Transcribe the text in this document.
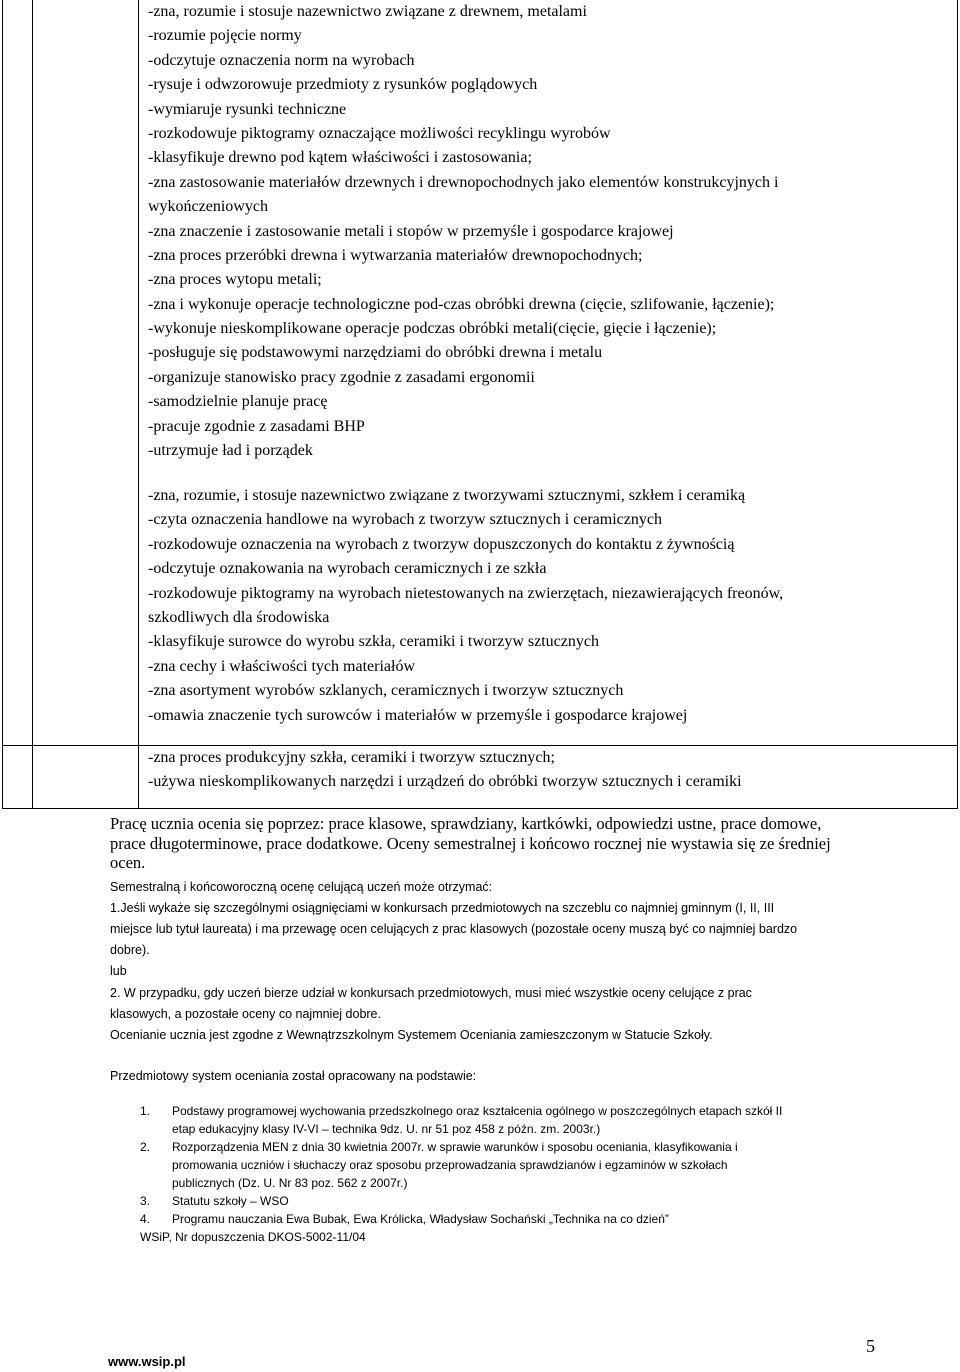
-zna, rozumie i stosuje nazewnictwo związane z drewnem, metalami
-rozumie pojęcie normy
-odczytuje oznaczenia norm na wyrobach
-rysuje i odwzorowuje przedmioty z rysunków poglądowych
-wymiaruje rysunki techniczne
-rozkodowuje piktogramy oznaczające możliwości recyklingu wyrobów
-klasyfikuje drewno pod kątem właściwości i zastosowania;
-zna zastosowanie materiałów drzewnych i drewnopochodnych jako elementów konstrukcyjnych i
wykończeniowych
-zna znaczenie i zastosowanie metali i stopów w przemyśle i gospodarce krajowej
-zna proces przeróbki drewna i wytwarzania materiałów drewnopochodnych;
-zna proces wytopu metali;
-zna i wykonuje operacje technologiczne pod-czas obróbki drewna (cięcie, szlifowanie, łączenie);
-wykonuje nieskomplikowane operacje podczas obróbki metali(cięcie, gięcie i łączenie);
-posługuje się podstawowymi narzędziami do obróbki drewna i metalu
-organizuje stanowisko pracy zgodnie z zasadami ergonomii
-samodzielnie planuje pracę
-pracuje zgodnie z zasadami BHP
-utrzymuje ład i porządek
-zna, rozumie, i stosuje nazewnictwo związane z tworzywami sztucznymi, szkłem i ceramiką
-czyta oznaczenia handlowe na wyrobach z tworzyw sztucznych i ceramicznych
-rozkodowuje oznaczenia na wyrobach z tworzyw dopuszczonych do kontaktu z żywnością
-odczytuje oznakowania na wyrobach ceramicznych i ze szkła
-rozkodowuje piktogramy na wyrobach nietestowanych na zwierzętach, niezawierających freonów,
szkodliwych dla środowiska
-klasyfikuje surowce do wyrobu szkła, ceramiki i tworzyw sztucznych
-zna cechy i właściwości tych materiałów
-zna asortyment wyrobów szklanych, ceramicznych i tworzyw sztucznych
-omawia znaczenie tych surowców i materiałów w przemyśle i gospodarce krajowej
-zna proces produkcyjny szkła, ceramiki i tworzyw sztucznych;
-używa nieskomplikowanych narzędzi i urządzeń do obróbki tworzyw sztucznych i ceramiki
Pracę ucznia ocenia się poprzez: prace klasowe, sprawdziany, kartkówki, odpowiedzi ustne, prace domowe, prace długoterminowe, prace dodatkowe. Oceny semestralnej i końcowo rocznej nie wystawia się ze średniej ocen.
Semestralną i końcoworoczną ocenę celującą uczeń może otrzymać:
1.Jeśli wykaże się szczególnymi osiągnięciami w konkursach przedmiotowych na szczeblu co najmniej gminnym (I, II, III
miejsce lub tytuł laureata) i ma przewagę ocen celujących z prac klasowych (pozostałe oceny muszą być co najmniej bardzo
dobre).
lub
2. W przypadku, gdy uczeń bierze udział w konkursach przedmiotowych, musi mieć wszystkie oceny celujące z prac
klasowych, a pozostałe oceny co najmniej dobre.
Ocenianie ucznia jest zgodne z Wewnątrzszkolnym Systemem Oceniania zamieszczonym w Statucie Szkoły.
Przedmiotowy system oceniania został opracowany na podstawie:
1. Podstawy programowej wychowania przedszkolnego oraz kształcenia ogólnego w poszczególnych etapach szkół II
etap edukacyjny klasy IV-VI – technika 9dz. U. nr 51 poz 458 z późn. zm. 2003r.)
2. Rozporządzenia MEN z dnia 30 kwietnia 2007r. w sprawie warunków i sposobu oceniania, klasyfikowania i
promowania uczniów i słuchaczy oraz sposobu przeprowadzania sprawdzianów i egzaminów w szkołach
publicznych (Dz. U. Nr 83 poz. 562 z 2007r.)
3. Statutu szkoły – WSO
4. Programu nauczania Ewa Bubak, Ewa Królicka, Władysław Sochański „Technika na co dzień”
WSiP, Nr dopuszczenia DKOS-5002-11/04
5
www.wsip.pl
